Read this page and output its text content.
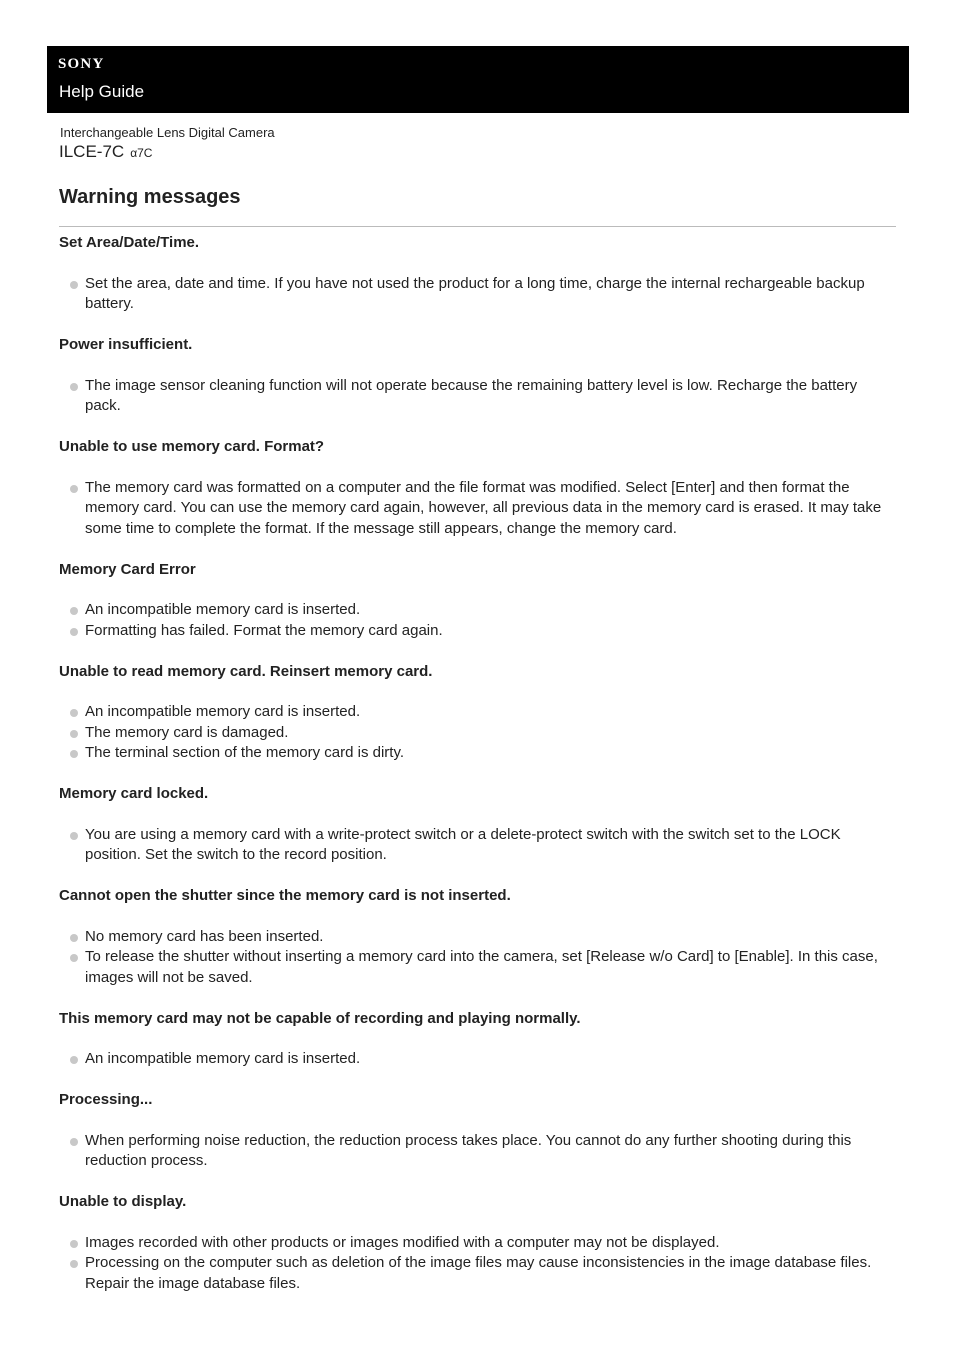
SONY
Help Guide
Interchangeable Lens Digital Camera
ILCE-7C α7C
Warning messages

Set Area/Date/Time.

Set the area, date and time. If you have not used the product for a long time, charge the internal rechargeable backup battery.

Power insufficient.

The image sensor cleaning function will not operate because the remaining battery level is low. Recharge the battery pack.

Unable to use memory card. Format?

The memory card was formatted on a computer and the file format was modified. Select [Enter] and then format the memory card. You can use the memory card again, however, all previous data in the memory card is erased. It may take some time to complete the format. If the message still appears, change the memory card.

Memory Card Error

An incompatible memory card is inserted.
Formatting has failed. Format the memory card again.

Unable to read memory card. Reinsert memory card.

An incompatible memory card is inserted.
The memory card is damaged.
The terminal section of the memory card is dirty.

Memory card locked.

You are using a memory card with a write-protect switch or a delete-protect switch with the switch set to the LOCK position. Set the switch to the record position.

Cannot open the shutter since the memory card is not inserted.

No memory card has been inserted.
To release the shutter without inserting a memory card into the camera, set [Release w/o Card] to [Enable]. In this case, images will not be saved.

This memory card may not be capable of recording and playing normally.

An incompatible memory card is inserted.

Processing...

When performing noise reduction, the reduction process takes place. You cannot do any further shooting during this reduction process.

Unable to display.

Images recorded with other products or images modified with a computer may not be displayed.
Processing on the computer such as deletion of the image files may cause inconsistencies in the image database files. Repair the image database files.
